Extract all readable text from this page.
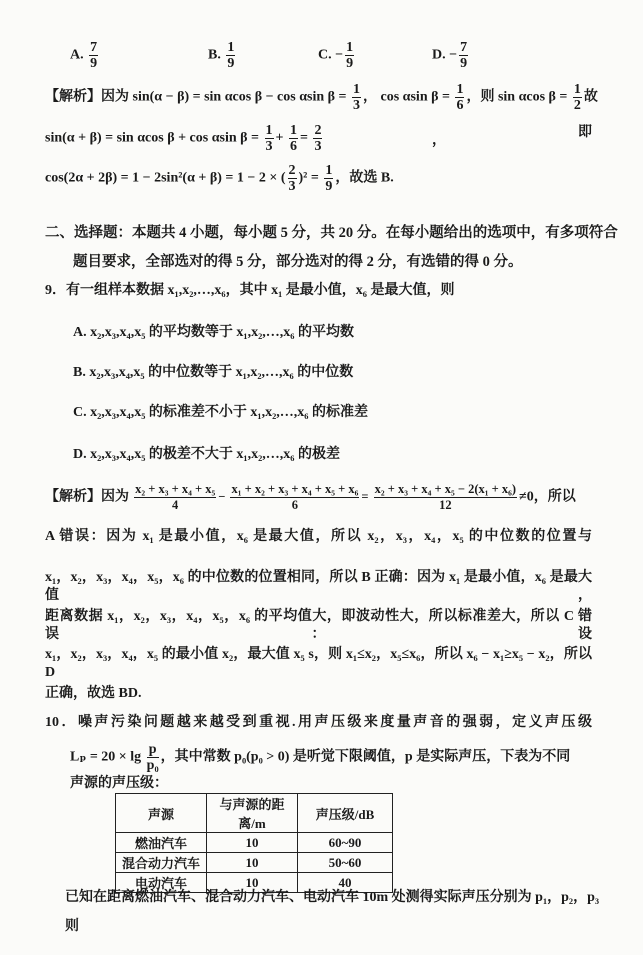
A. $\frac{7}{9}$	B. $\frac{1}{9}$	C. − $\frac{1}{9}$	D. − $\frac{7}{9}$
【解析】因为 sin(α − β) = sin αcos β − cos αsin $\beta = \frac{1}{3}$ ， cos αsin $\beta = \frac{1}{6}$ ，则 sin αcos $\beta = \frac{1}{2}$ 故
sin(α + β) = sin αcos β + cos αsin $\beta = \frac{1}{3} + \frac{1}{6} = \frac{2}{3}$	，
即
cos(2α + 2β) = 1 − 2sin²(α + β) = 1 − 2 × ( $\frac{2}{3} )^2 = \frac{1}{9}$ ，故选 B.
二、选择题：本题共 4 小题，每小题 5 分，共 20 分。在每小题给出的选项中，有多项符合
题目要求，全部选对的得 5 分，部分选对的得 2 分，有选错的得 0 分。
9．有一组样本数据 x₁,x₂,…,x₆，其中 x₁ 是最小值，x₆ 是最大值，则
A. x₂,x₃,x₄,x₅ 的平均数等于 x₁,x₂,…,x₆ 的平均数
B. x₂,x₃,x₄,x₅ 的中位数等于 x₁,x₂,…,x₆ 的中位数
C. x₂,x₃,x₄,x₅ 的标准差不小于 x₁,x₂,…,x₆ 的标准差
D. x₂,x₃,x₄,x₅ 的极差不大于 x₁,x₂,…,x₆ 的极差
【解析】因为 $\frac{\text{x₂ + x₃ + x₄ + x₅}}{4} - \frac{\text{x₁ + x₂ + x₃ + x₄ + x₅ + x₆}}{6} = \frac{\text{x₂ + x₃ + x₄ + x₅ − 2(x₁ + x₆)}}{12} \ne 0$，所以
A 错误：因为 x₁ 是最小值，x₆ 是最大值，所以 x₂，x₃，x₄，x₅ 的中位数的位置与
x₁，x₂，x₃，x₄，x₅，x₆ 的中位数的位置相同，所以 B 正确：因为 x₁ 是最小值，x₆ 是最大值，
距离数据 x₁，x₂，x₃，x₄，x₅，x₆ 的平均值大，即波动性大，所以标准差大，所以 C 错误：设
x₁，x₂，x₃，x₄，x₅ 的最小值 x₂，最大值 x₅ s，则 x₁≤x₂，x₅≤x₆，所以 x₆ − x₁≥x₅ − x₂，所以 D
正确，故选 BD.
10．噪声污染问题越来越受到重视.用声压级来度量声音的强弱，定义声压级
$L_p = 20 \times \lg \frac{p}{\text{p₀}}$ ，其中常数 p₀(p₀ > 0) 是听觉下限阈值，p 是实际声压，下表为不同
声源的声压级：
声源	与声源的距离/m	声压级/dB
燃油汽车	10	60~90
混合动力汽车	10	50~60
电动汽车	10	40
已知在距离燃油汽车、混合动力汽车、电动汽车 10m 处测得实际声压分别为 p₁，p₂，p₃
则
